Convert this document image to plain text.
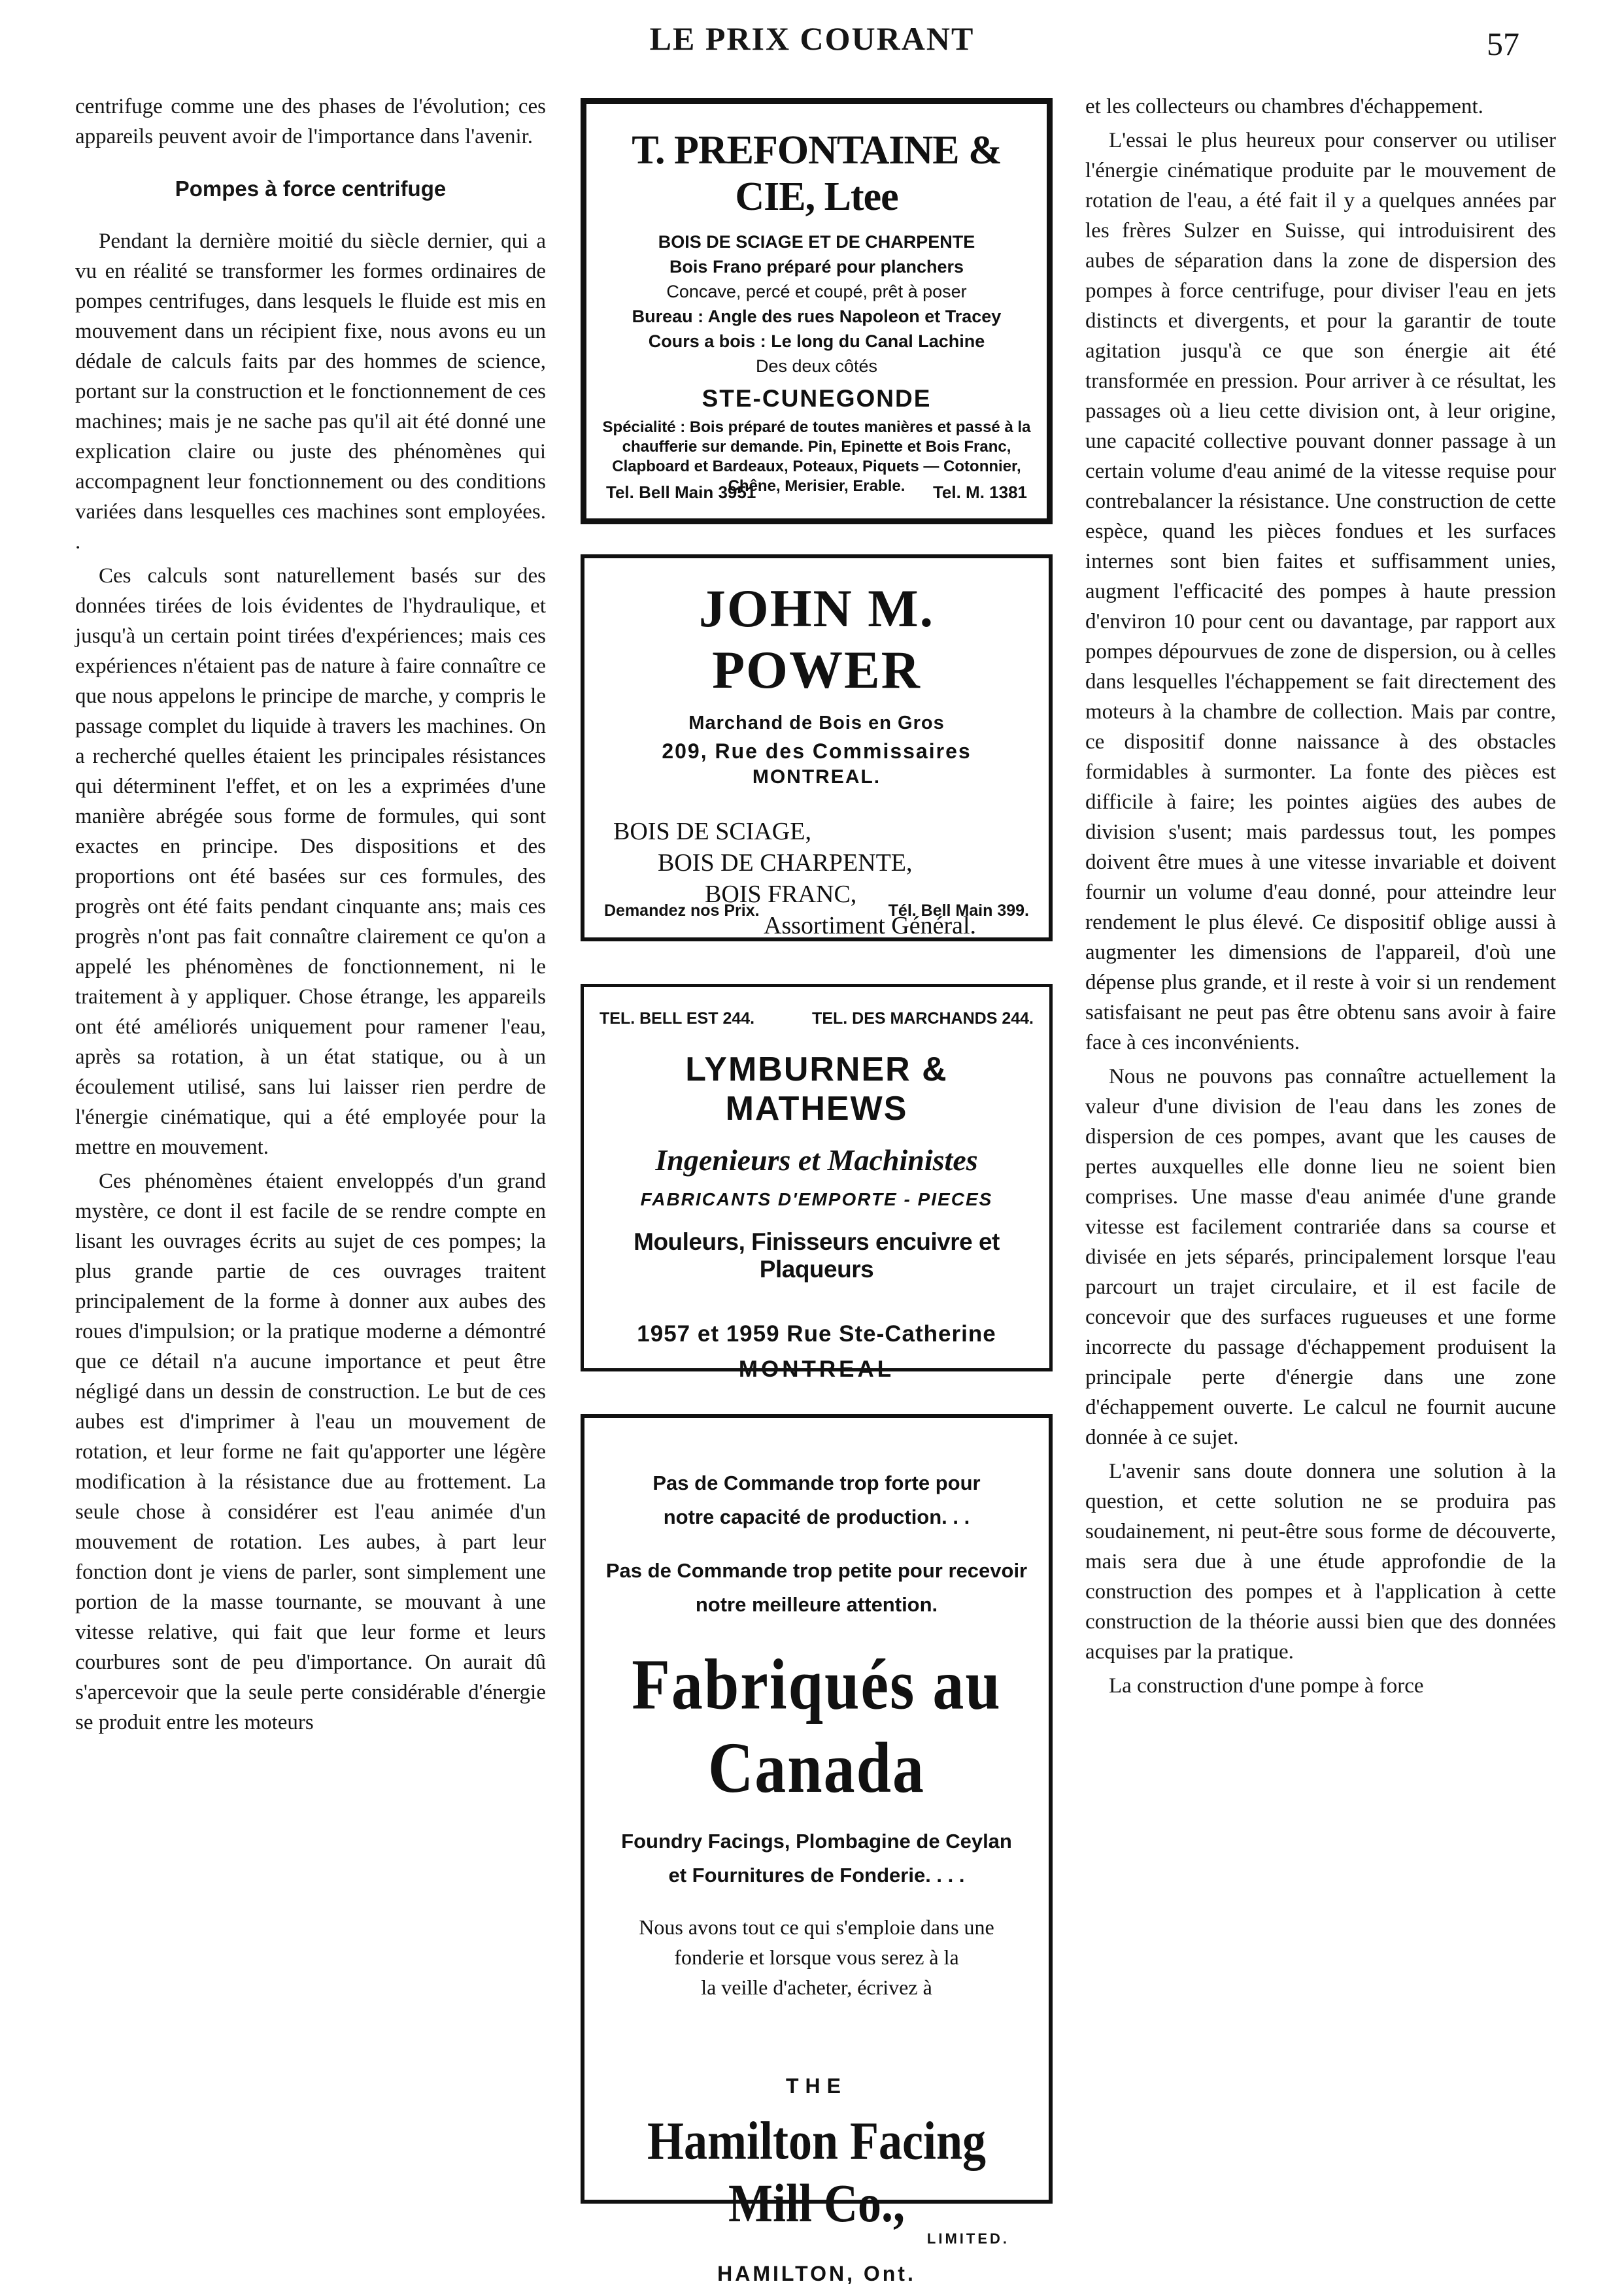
LE PRIX COURANT	57

centrifuge comme une des phases de l'évolution; ces appareils peuvent avoir de l'importance dans l'avenir.

Pompes à force centrifuge

Pendant la dernière moitié du siècle dernier, qui a vu en réalité se transformer les formes ordinaires de pompes centrifuges, dans lesquels le fluide est mis en mouvement dans un récipient fixe, nous avons eu un dédale de calculs faits par des hommes de science, portant sur la construction et le fonctionnement de ces machines; mais je ne sache pas qu'il ait été donné une explication claire ou juste des phénomènes qui accompagnent leur fonctionnement ou des conditions variées dans lesquelles ces machines sont employées. .

Ces calculs sont naturellement basés sur des données tirées de lois évidentes de l'hydraulique, et jusqu'à un certain point tirées d'expériences; mais ces expériences n'étaient pas de nature à faire connaître ce que nous appelons le principe de marche, y compris le passage complet du liquide à travers les machines. On a recherché quelles étaient les principales résistances qui déterminent l'effet, et on les a exprimées d'une manière abrégée sous forme de formules, qui sont exactes en principe. Des dispositions et des proportions ont été basées sur ces formules, des progrès ont été faits pendant cinquante ans; mais ces progrès n'ont pas fait connaître clairement ce qu'on a appelé les phénomènes de fonctionnement, ni le traitement à y appliquer. Chose étrange, les appareils ont été améliorés uniquement pour ramener l'eau, après sa rotation, à un état statique, ou à un écoulement utilisé, sans lui laisser rien perdre de l'énergie cinématique, qui a été employée pour la mettre en mouvement.

Ces phénomènes étaient enveloppés d'un grand mystère, ce dont il est facile de se rendre compte en lisant les ouvrages écrits au sujet de ces pompes; la plus grande partie de ces ouvrages traitent principalement de la forme à donner aux aubes des roues d'impulsion; or la pratique moderne a démontré que ce détail n'a aucune importance et peut être négligé dans un dessin de construction. Le but de ces aubes est d'imprimer à l'eau un mouvement de rotation, et leur forme ne fait qu'apporter une légère modification à la résistance due au frottement. La seule chose à considérer est l'eau animée d'un mouvement de rotation. Les aubes, à part leur fonction dont je viens de parler, sont simplement une portion de la masse tournante, se mouvant à une vitesse relative, qui fait que leur forme et leurs courbures sont de peu d'importance. On aurait dû s'apercevoir que la seule perte considérable d'énergie se produit entre les moteurs

T. PREFONTAINE & CIE, Ltee
BOIS DE SCIAGE ET DE CHARPENTE
Bois Frano préparé pour planchers
Concave, percé et coupé, prêt à poser
Bureau : Angle des rues Napoleon et Tracey
Cours a bois : Le long du Canal Lachine
Des deux côtés
STE-CUNEGONDE
Spécialité : Bois préparé de toutes manières et passé à la chaufferie sur demande. Pin, Epinette et Bois Franc, Clapboard et Bardeaux, Poteaux, Piquets — Cotonnier, Chêne, Merisier, Erable.
Tel. Bell Main 3951	Tel. M. 1381
JOHN M. POWER
Marchand de Bois en Gros
209, Rue des Commissaires
MONTREAL.
BOIS DE SCIAGE,
BOIS DE CHARPENTE,
BOIS FRANC,
Assortiment Général.
Demandez nos Prix.	Tél. Bell Main 399.
TEL. BELL EST 244.	TEL. DES MARCHANDS 244.
LYMBURNER & MATHEWS
Ingenieurs et Machinistes
FABRICANTS D'EMPORTE - PIECES
Mouleurs, Finisseurs encuivre et Plaqueurs
1957 et 1959 Rue Ste-Catherine
MONTREAL
Pas de Commande trop forte pour
notre capacité de production. . .
Pas de Commande trop petite pour recevoir
notre meilleure attention.
Fabriqués au Canada
Foundry Facings, Plombagine de Ceylan
et Fournitures de Fonderie. . . .
Nous avons tout ce qui s'emploie dans une
fonderie et lorsque vous serez à la
la veille d'acheter, écrivez à
THE
Hamilton Facing Mill Co.,
LIMITED.
HAMILTON, Ont.

et les collecteurs ou chambres d'échappement.

L'essai le plus heureux pour conserver ou utiliser l'énergie cinématique produite par le mouvement de rotation de l'eau, a été fait il y a quelques années par les frères Sulzer en Suisse, qui introduisirent des aubes de séparation dans la zone de dispersion des pompes à force centrifuge, pour diviser l'eau en jets distincts et divergents, et pour la garantir de toute agitation jusqu'à ce que son énergie ait été transformée en pression. Pour arriver à ce résultat, les passages où a lieu cette division ont, à leur origine, une capacité collective pouvant donner passage à un certain volume d'eau animé de la vitesse requise pour contrebalancer la résistance. Une construction de cette espèce, quand les pièces fondues et les surfaces internes sont bien faites et suffisamment unies, augment l'efficacité des pompes à haute pression d'environ 10 pour cent ou davantage, par rapport aux pompes dépourvues de zone de dispersion, ou à celles dans lesquelles l'échappement se fait directement des moteurs à la chambre de collection. Mais par contre, ce dispositif donne naissance à des obstacles formidables à surmonter. La fonte des pièces est difficile à faire; les pointes aigües des aubes de division s'usent; mais pardessus tout, les pompes doivent être mues à une vitesse invariable et doivent fournir un volume d'eau donné, pour atteindre leur rendement le plus élevé. Ce dispositif oblige aussi à augmenter les dimensions de l'appareil, d'où une dépense plus grande, et il reste à voir si un rendement satisfaisant ne peut pas être obtenu sans avoir à faire face à ces inconvénients.

Nous ne pouvons pas connaître actuellement la valeur d'une division de l'eau dans les zones de dispersion de ces pompes, avant que les causes de pertes auxquelles elle donne lieu ne soient bien comprises. Une masse d'eau animée d'une grande vitesse est facilement contrariée dans sa course et divisée en jets séparés, principalement lorsque l'eau parcourt un trajet circulaire, et il est facile de concevoir que des surfaces rugueuses et une forme incorrecte du passage d'échappement produisent la principale perte d'énergie dans une zone d'échappement ouverte. Le calcul ne fournit aucune donnée à ce sujet.

L'avenir sans doute donnera une solution à la question, et cette solution ne se produira pas soudainement, ni peut-être sous forme de découverte, mais sera due à une étude approfondie de la construction des pompes et à l'application à cette construction de la théorie aussi bien que des données acquises par la pratique.

La construction d'une pompe à force
